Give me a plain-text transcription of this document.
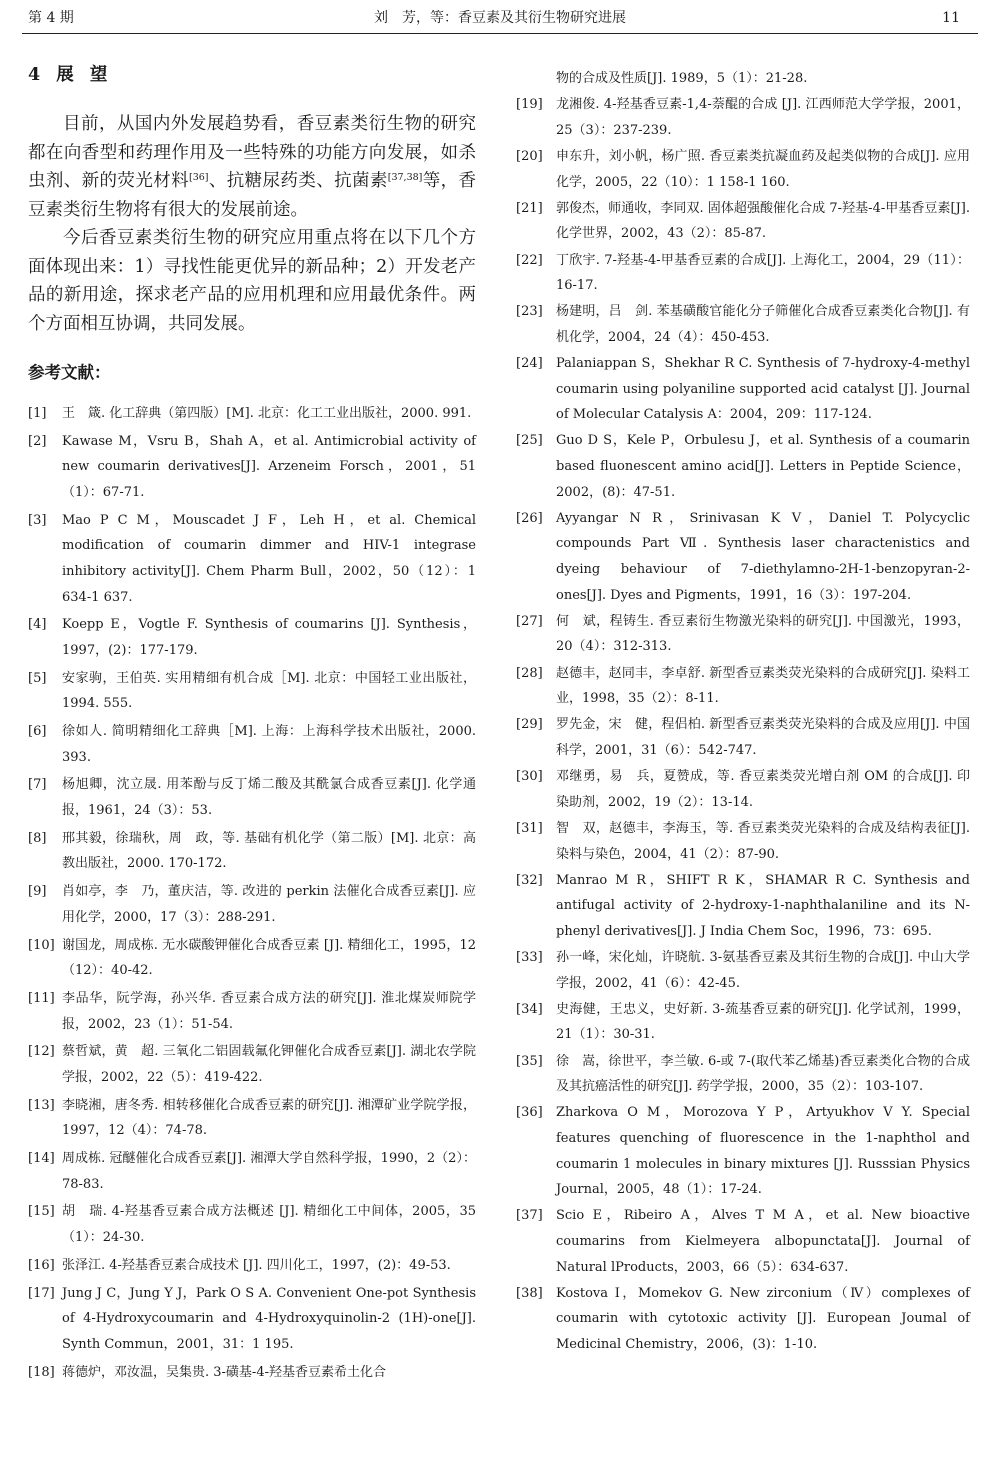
第 4 期	刘　芳，等：香豆素及其衍生物研究进展	11
4 展 望

目前，从国内外发展趋势看，香豆素类衍生物的研究都在向香型和药理作用及一些特殊的功能方向发展，如杀虫剂、新的荧光材料[36]、抗糖尿药类、抗菌素[37,38]等，香豆素类衍生物将有很大的发展前途。

今后香豆素类衍生物的研究应用重点将在以下几个方面体现出来：1）寻找性能更优异的新品种；2）开发老产品的新用途，探求老产品的应用机理和应用最优条件。两个方面相互协调，共同发展。

参考文献：
[1] 王　箴. 化工辞典（第四版）[M]. 北京：化工工业出版社，2000. 991.
[2] Kawase M，Vsru B，Shah A，et al. Antimicrobial activity of new coumarin derivatives[J]. Arzeneim Forsch，2001，51（1）：67-71.
[3] Mao P C M，Mouscadet J F，Leh H，et al. Chemical modification of coumarin dimmer and HIV-1 integrase inhibitory activity[J]. Chem Pharm Bull，2002，50（12）：1 634-1 637.
[4] Koepp E，Vogtle F. Synthesis of coumarins [J]. Synthesis，1997，(2)：177-179.
[5] 安家驹，王伯英. 实用精细有机合成［M]. 北京：中国轻工业出版社，1994. 555.
[6] 徐如人. 简明精细化工辞典［M]. 上海：上海科学技术出版社，2000. 393.
[7] 杨旭卿，沈立晟. 用苯酚与反丁烯二酸及其酰氯合成香豆素[J]. 化学通报，1961，24（3）：53.
[8] 邢其毅，徐瑞秋，周　政，等. 基础有机化学（第二版）[M]. 北京：高教出版社，2000. 170-172.
[9] 肖如亭，李　乃，董庆洁，等. 改进的 perkin 法催化合成香豆素[J]. 应用化学，2000，17（3）：288-291.
[10] 谢国龙，周成栋. 无水碳酸钾催化合成香豆素 [J]. 精细化工，1995，12（12）：40-42.
[11] 李品华，阮学海，孙兴华. 香豆素合成方法的研究[J]. 淮北煤炭师院学报，2002，23（1）：51-54.
[12] 蔡哲斌，黄　超. 三氧化二铝固载氟化钾催化合成香豆素[J]. 湖北农学院学报，2002，22（5）：419-422.
[13] 李晓湘，唐冬秀. 相转移催化合成香豆素的研究[J]. 湘潭矿业学院学报，1997，12（4）：74-78.
[14] 周成栋. 冠醚催化合成香豆素[J]. 湘潭大学自然科学报，1990，2（2）：78-83.
[15] 胡　瑞. 4-羟基香豆素合成方法概述 [J]. 精细化工中间体，2005，35（1）：24-30.
[16] 张泽江. 4-羟基香豆素合成技术 [J]. 四川化工，1997，(2)：49-53.
[17] Jung J C，Jung Y J，Park O S A. Convenient One-pot Synthesis of 4-Hydroxycoumarin and 4-Hydroxyquinolin-2 (1H)-one[J]. Synth Commun，2001，31：1 195.
[18] 蒋德炉，邓汝温，吴集贵. 3-磺基-4-羟基香豆素希土化合
物的合成及性质[J]. 1989，5（1）：21-28.
[19] 龙湘俊. 4-羟基香豆素-1,4-萘醌的合成 [J]. 江西师范大学学报，2001，25（3）：237-239.
[20] 申东升，刘小帆，杨广照. 香豆素类抗凝血药及起类似物的合成[J]. 应用化学，2005，22（10）：1 158-1 160.
[21] 郭俊杰，师通收，李同双. 固体超强酸催化合成 7-羟基-4-甲基香豆素[J]. 化学世界，2002，43（2）：85-87.
[22] 丁欣宇. 7-羟基-4-甲基香豆素的合成[J]. 上海化工，2004，29（11）：16-17.
[23] 杨建明，吕　剑. 苯基磺酸官能化分子筛催化合成香豆素类化合物[J]. 有机化学，2004，24（4）：450-453.
[24] Palaniappan S，Shekhar R C. Synthesis of 7-hydroxy-4-methyl coumarin using polyaniline supported acid catalyst [J]. Journal of Molecular Catalysis A：2004，209：117-124.
[25] Guo D S，Kele P，Orbulesu J，et al. Synthesis of a coumarin based fluonescent amino acid[J]. Letters in Peptide Science，2002，(8)：47-51.
[26] Ayyangar N R，Srinivasan K V，Daniel T. Polycyclic compounds Part Ⅶ. Synthesis laser charactenistics and dyeing behaviour of 7-diethylamno-2H-1-benzopyran-2-ones[J]. Dyes and Pigments，1991，16（3）：197-204.
[27] 何　斌，程铸生. 香豆素衍生物激光染料的研究[J]. 中国激光，1993，20（4）：312-313.
[28] 赵德丰，赵同丰，李卓舒. 新型香豆素类荧光染料的合成研究[J]. 染料工业，1998，35（2）：8-11.
[29] 罗先金，宋　健，程侣柏. 新型香豆素类荧光染料的合成及应用[J]. 中国科学，2001，31（6）：542-747.
[30] 邓继勇，易　兵，夏赞成，等. 香豆素类荧光增白剂 OM 的合成[J]. 印染助剂，2002，19（2）：13-14.
[31] 智　双，赵德丰，李海玉，等. 香豆素类荧光染料的合成及结构表征[J]. 染料与染色，2004，41（2）：87-90.
[32] Manrao M R，SHIFT R K，SHAMAR R C. Synthesis and antifugal activity of 2-hydroxy-1-naphthalaniline and its N-phenyl derivatives[J]. J India Chem Soc，1996，73：695.
[33] 孙一峰，宋化灿，许晓航. 3-氨基香豆素及其衍生物的合成[J]. 中山大学学报，2002，41（6）：42-45.
[34] 史海健，王忠义，史好新. 3-巯基香豆素的研究[J]. 化学试剂，1999，21（1）：30-31.
[35] 徐　嵩，徐世平，李兰敏. 6-或 7-(取代苯乙烯基)香豆素类化合物的合成及其抗癌活性的研究[J]. 药学学报，2000，35（2）：103-107.
[36] Zharkova O M，Morozova Y P，Artyukhov V Y. Special features quenching of fluorescence in the 1-naphthol and coumarin 1 molecules in binary mixtures [J]. Russsian Physics Journal，2005，48（1）：17-24.
[37] Scio E，Ribeiro A，Alves T M A，et al. New bioactive coumarins from Kielmeyera albopunctata[J]. Journal of Natural lProducts，2003，66（5）：634-637.
[38] Kostova I，Momekov G. New zirconium（Ⅳ）complexes of coumarin with cytotoxic activity [J]. European Joumal of Medicinal Chemistry，2006，(3)：1-10.
